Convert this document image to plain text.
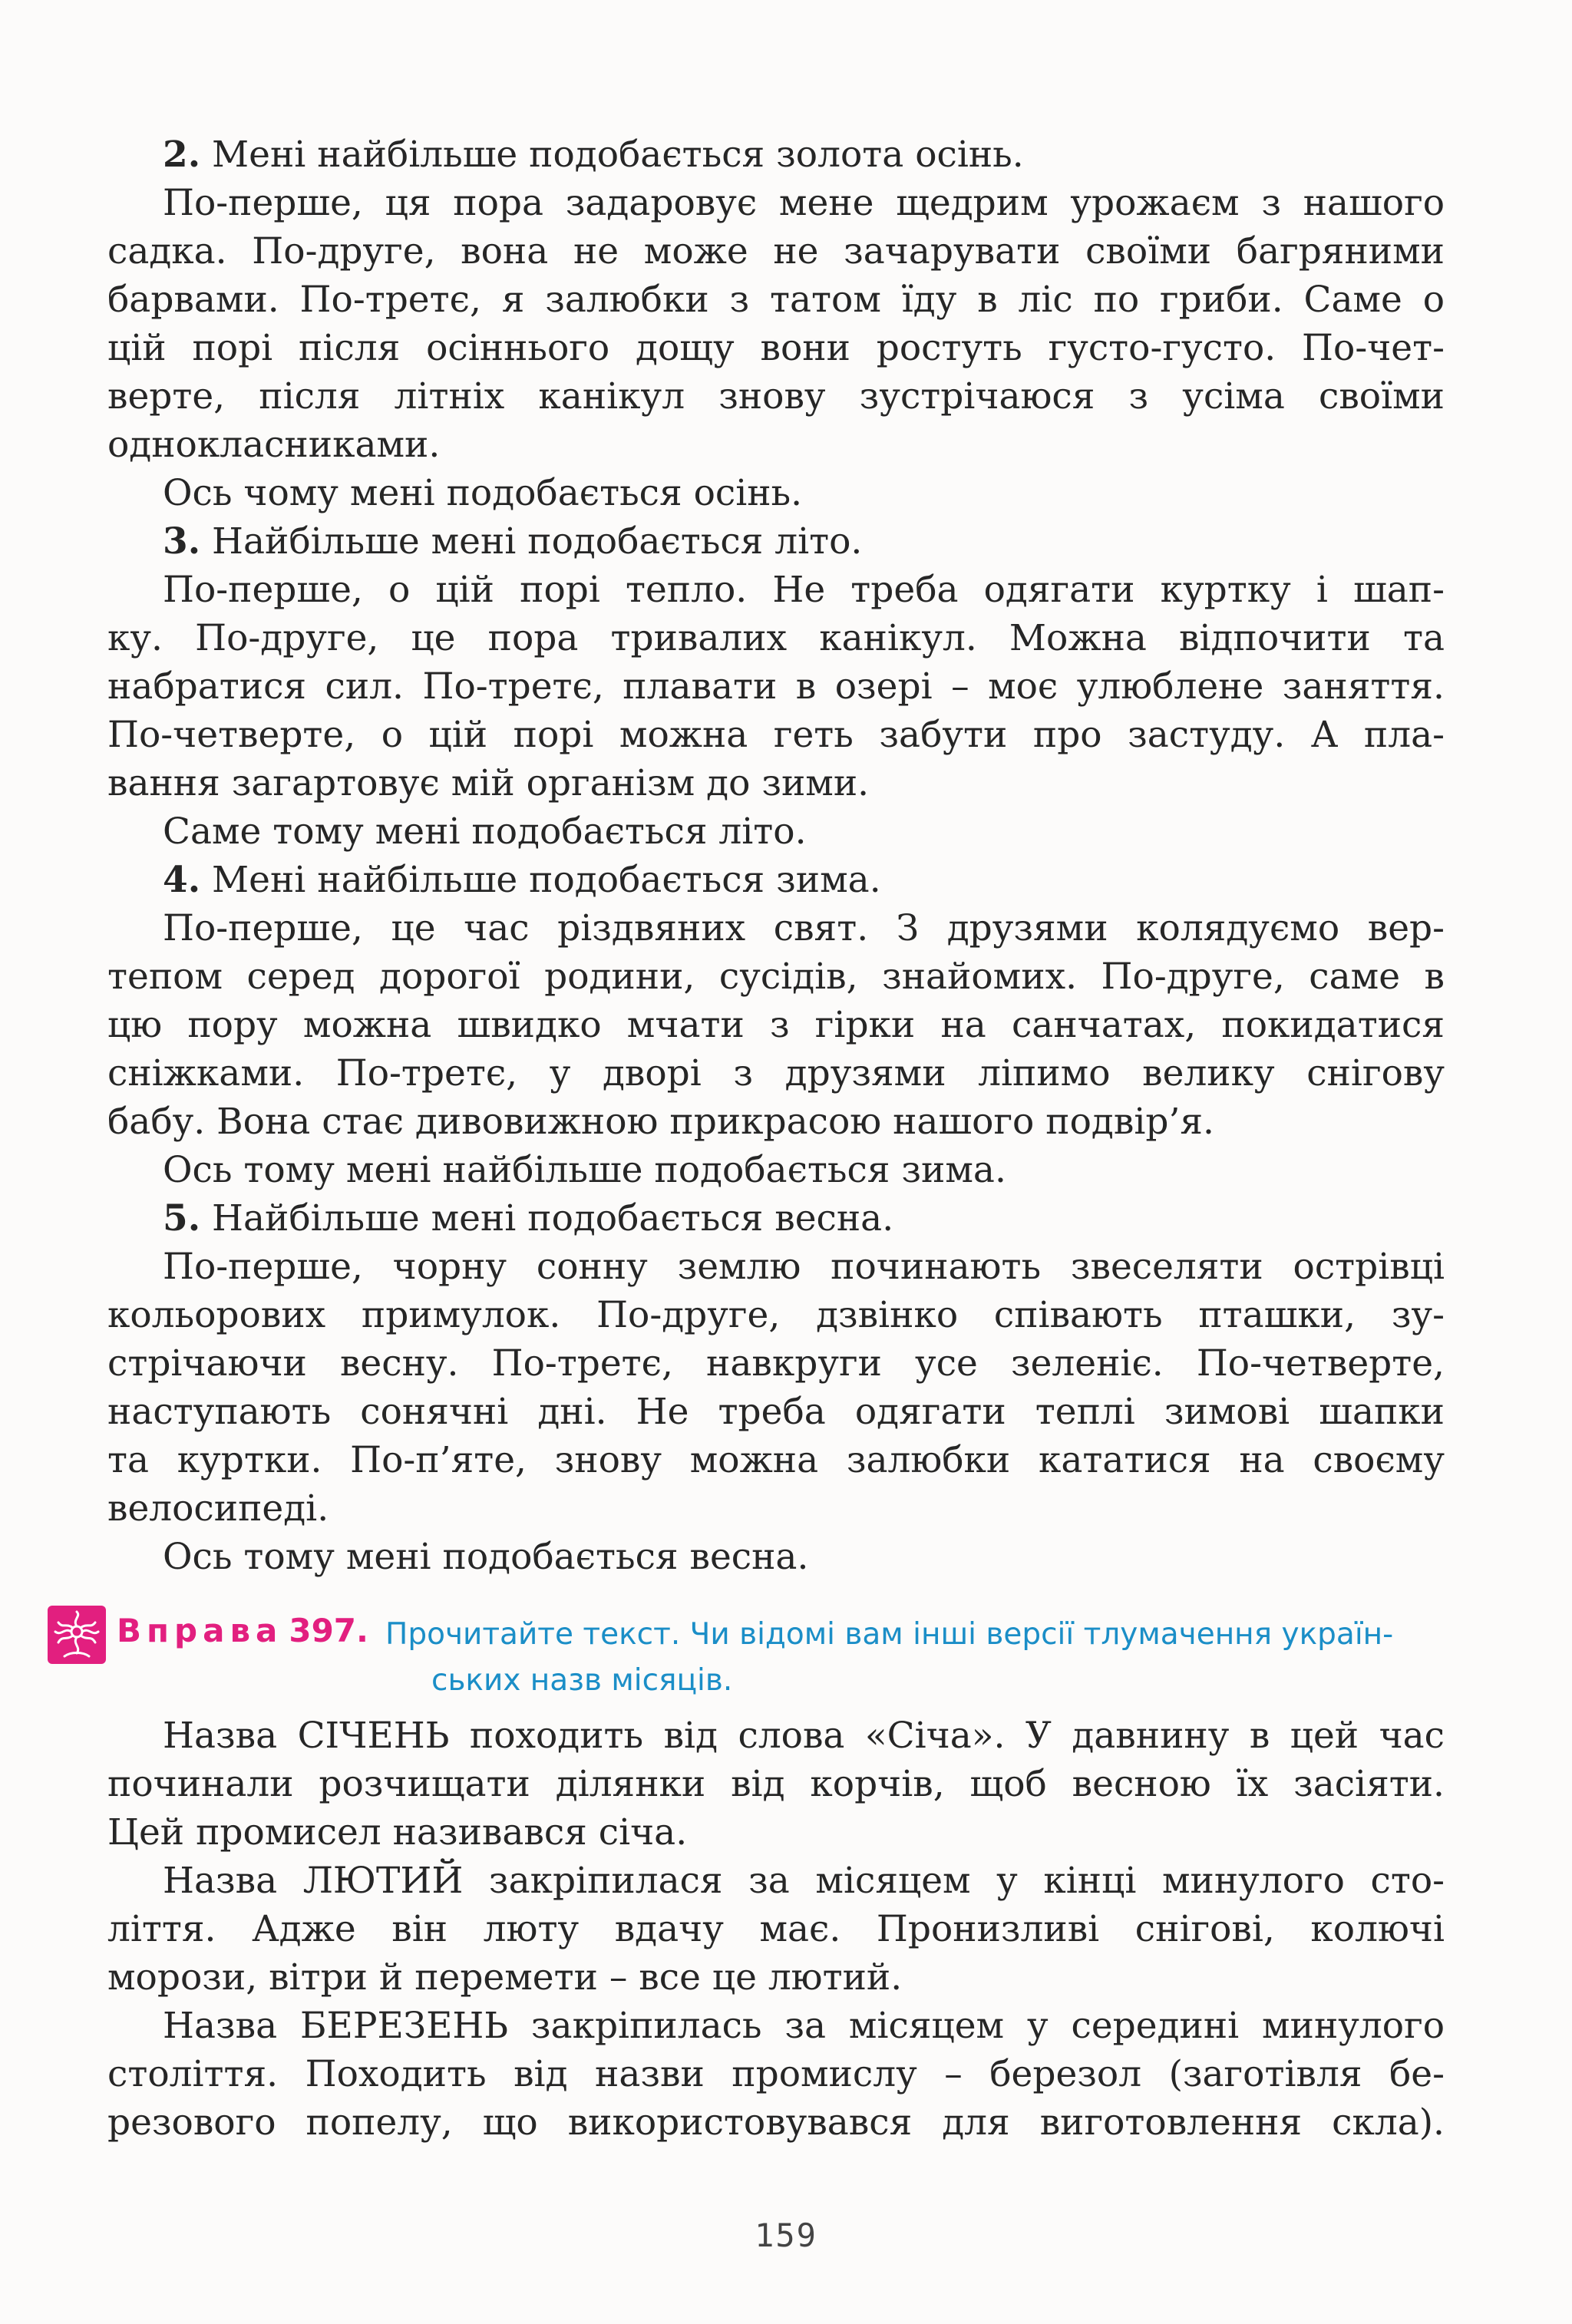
2. Мені найбільше подобається золота осінь.
По-перше, ця пора задаровує мене щедрим урожаєм з нашого
садка. По-друге, вона не може не зачарувати своїми багряними
барвами. По-третє, я залюбки з татом їду в ліс по гриби. Саме о
цій порі після осіннього дощу вони ростуть густо-густо. По-чет-
верте, після літніх канікул знову зустрічаюся з усіма своїми
однокласниками.
Ось чому мені подобається осінь.
3. Найбільше мені подобається літо.
По-перше, о цій порі тепло. Не треба одягати куртку і шап-
ку. По-друге, це пора тривалих канікул. Можна відпочити та
набратися сил. По-третє, плавати в озері – моє улюблене заняття.
По-четверте, о цій порі можна геть забути про застуду. А пла-
вання загартовує мій організм до зими.
Саме тому мені подобається літо.
4. Мені найбільше подобається зима.
По-перше, це час різдвяних свят. З друзями колядуємо вер-
тепом серед дорогої родини, сусідів, знайомих. По-друге, саме в
цю пору можна швидко мчати з гірки на санчатах, покидатися
сніжками. По-третє, у дворі з друзями ліпимо велику снігову
бабу. Вона стає дивовижною прикрасою нашого подвір’я.
Ось тому мені найбільше подобається зима.
5. Найбільше мені подобається весна.
По-перше, чорну сонну землю починають звеселяти острівці
кольорових примулок. По-друге, дзвінко співають пташки, зу-
стрічаючи весну. По-третє, навкруги усе зеленіє. По-четверте,
наступають сонячні дні. Не треба одягати теплі зимові шапки
та куртки. По-п’яте, знову можна залюбки кататися на своєму
велосипеді.
Ось тому мені подобається весна.
Вправа 397. Прочитайте текст. Чи відомі вам інші версії тлумачення україн-
ських назв місяців.
Назва СІЧЕНЬ походить від слова «Січа». У давнину в цей час
починали розчищати ділянки від корчів, щоб весною їх засіяти.
Цей промисел називався січа.
Назва ЛЮТИЙ закріпилася за місяцем у кінці минулого сто-
ліття. Адже він люту вдачу має. Пронизливі снігові, колючі
морози, вітри й перемети – все це лютий.
Назва БЕРЕЗЕНЬ закріпилась за місяцем у середині минулого
століття. Походить від назви промислу – березол (заготівля бе-
резового попелу, що використовувався для виготовлення скла).
159
